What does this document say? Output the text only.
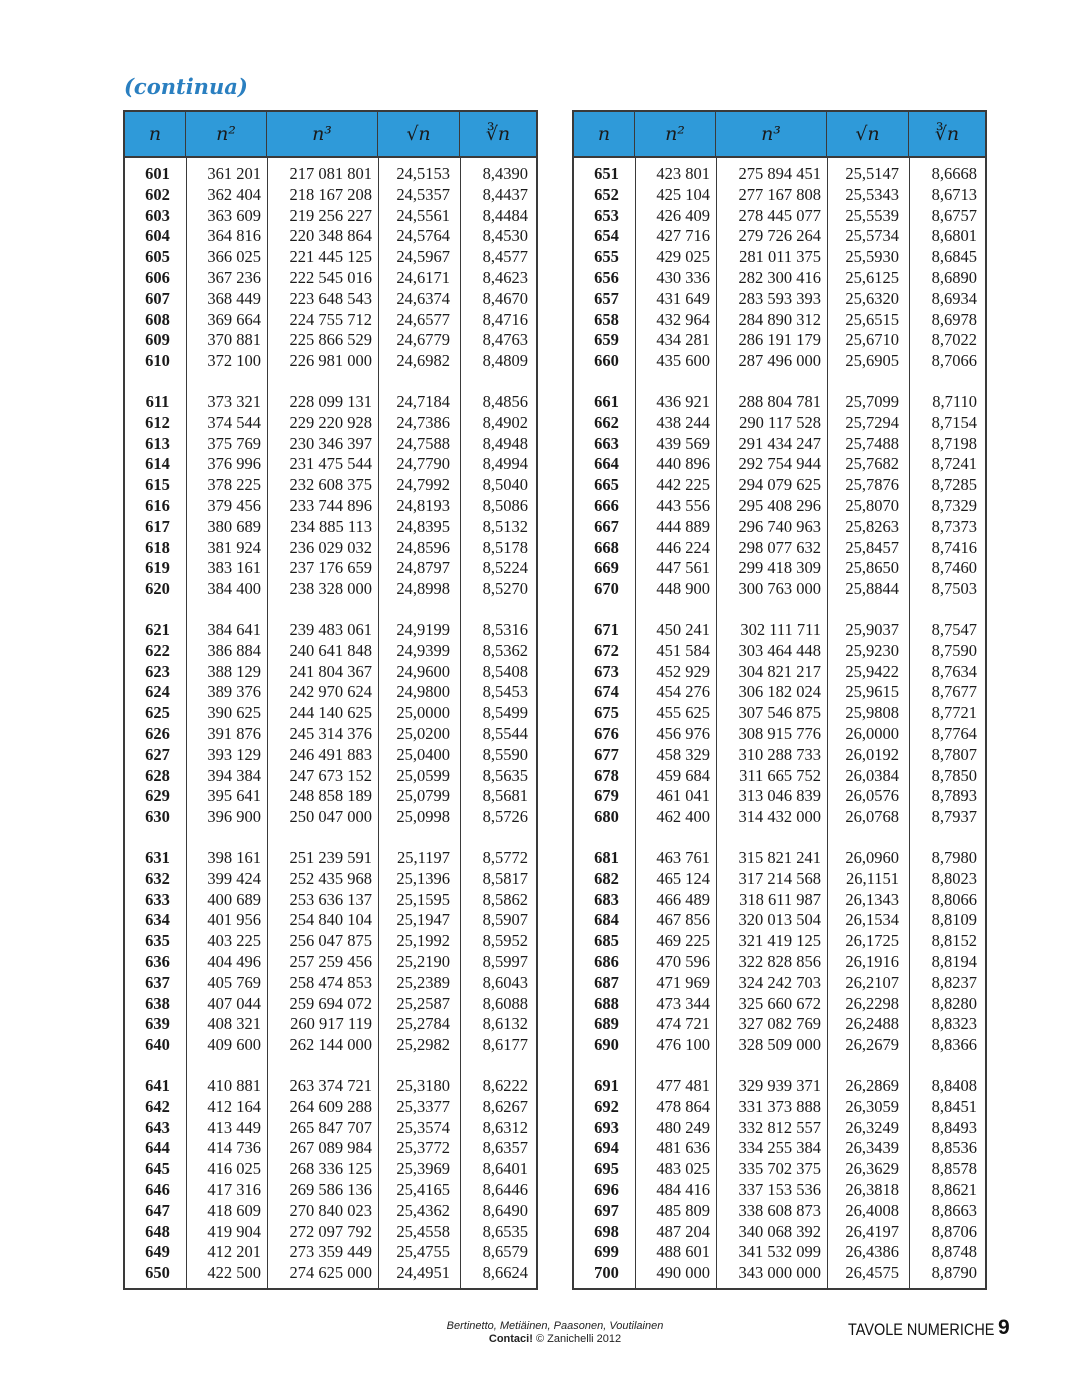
(continua)
n	n²	n³	√n	∛n
601	361 201	217 081 801	24,5153	8,4390
602	362 404	218 167 208	24,5357	8,4437
603	363 609	219 256 227	24,5561	8,4484
604	364 816	220 348 864	24,5764	8,4530
605	366 025	221 445 125	24,5967	8,4577
606	367 236	222 545 016	24,6171	8,4623
607	368 449	223 648 543	24,6374	8,4670
608	369 664	224 755 712	24,6577	8,4716
609	370 881	225 866 529	24,6779	8,4763
610	372 100	226 981 000	24,6982	8,4809
611	373 321	228 099 131	24,7184	8,4856
612	374 544	229 220 928	24,7386	8,4902
613	375 769	230 346 397	24,7588	8,4948
614	376 996	231 475 544	24,7790	8,4994
615	378 225	232 608 375	24,7992	8,5040
616	379 456	233 744 896	24,8193	8,5086
617	380 689	234 885 113	24,8395	8,5132
618	381 924	236 029 032	24,8596	8,5178
619	383 161	237 176 659	24,8797	8,5224
620	384 400	238 328 000	24,8998	8,5270
621	384 641	239 483 061	24,9199	8,5316
622	386 884	240 641 848	24,9399	8,5362
623	388 129	241 804 367	24,9600	8,5408
624	389 376	242 970 624	24,9800	8,5453
625	390 625	244 140 625	25,0000	8,5499
626	391 876	245 314 376	25,0200	8,5544
627	393 129	246 491 883	25,0400	8,5590
628	394 384	247 673 152	25,0599	8,5635
629	395 641	248 858 189	25,0799	8,5681
630	396 900	250 047 000	25,0998	8,5726
631	398 161	251 239 591	25,1197	8,5772
632	399 424	252 435 968	25,1396	8,5817
633	400 689	253 636 137	25,1595	8,5862
634	401 956	254 840 104	25,1947	8,5907
635	403 225	256 047 875	25,1992	8,5952
636	404 496	257 259 456	25,2190	8,5997
637	405 769	258 474 853	25,2389	8,6043
638	407 044	259 694 072	25,2587	8,6088
639	408 321	260 917 119	25,2784	8,6132
640	409 600	262 144 000	25,2982	8,6177
641	410 881	263 374 721	25,3180	8,6222
642	412 164	264 609 288	25,3377	8,6267
643	413 449	265 847 707	25,3574	8,6312
644	414 736	267 089 984	25,3772	8,6357
645	416 025	268 336 125	25,3969	8,6401
646	417 316	269 586 136	25,4165	8,6446
647	418 609	270 840 023	25,4362	8,6490
648	419 904	272 097 792	25,4558	8,6535
649	412 201	273 359 449	25,4755	8,6579
650	422 500	274 625 000	24,4951	8,6624
n	n²	n³	√n	∛n
651	423 801	275 894 451	25,5147	8,6668
652	425 104	277 167 808	25,5343	8,6713
653	426 409	278 445 077	25,5539	8,6757
654	427 716	279 726 264	25,5734	8,6801
655	429 025	281 011 375	25,5930	8,6845
656	430 336	282 300 416	25,6125	8,6890
657	431 649	283 593 393	25,6320	8,6934
658	432 964	284 890 312	25,6515	8,6978
659	434 281	286 191 179	25,6710	8,7022
660	435 600	287 496 000	25,6905	8,7066
661	436 921	288 804 781	25,7099	8,7110
662	438 244	290 117 528	25,7294	8,7154
663	439 569	291 434 247	25,7488	8,7198
664	440 896	292 754 944	25,7682	8,7241
665	442 225	294 079 625	25,7876	8,7285
666	443 556	295 408 296	25,8070	8,7329
667	444 889	296 740 963	25,8263	8,7373
668	446 224	298 077 632	25,8457	8,7416
669	447 561	299 418 309	25,8650	8,7460
670	448 900	300 763 000	25,8844	8,7503
671	450 241	302 111 711	25,9037	8,7547
672	451 584	303 464 448	25,9230	8,7590
673	452 929	304 821 217	25,9422	8,7634
674	454 276	306 182 024	25,9615	8,7677
675	455 625	307 546 875	25,9808	8,7721
676	456 976	308 915 776	26,0000	8,7764
677	458 329	310 288 733	26,0192	8,7807
678	459 684	311 665 752	26,0384	8,7850
679	461 041	313 046 839	26,0576	8,7893
680	462 400	314 432 000	26,0768	8,7937
681	463 761	315 821 241	26,0960	8,7980
682	465 124	317 214 568	26,1151	8,8023
683	466 489	318 611 987	26,1343	8,8066
684	467 856	320 013 504	26,1534	8,8109
685	469 225	321 419 125	26,1725	8,8152
686	470 596	322 828 856	26,1916	8,8194
687	471 969	324 242 703	26,2107	8,8237
688	473 344	325 660 672	26,2298	8,8280
689	474 721	327 082 769	26,2488	8,8323
690	476 100	328 509 000	26,2679	8,8366
691	477 481	329 939 371	26,2869	8,8408
692	478 864	331 373 888	26,3059	8,8451
693	480 249	332 812 557	26,3249	8,8493
694	481 636	334 255 384	26,3439	8,8536
695	483 025	335 702 375	26,3629	8,8578
696	484 416	337 153 536	26,3818	8,8621
697	485 809	338 608 873	26,4008	8,8663
698	487 204	340 068 392	26,4197	8,8706
699	488 601	341 532 099	26,4386	8,8748
700	490 000	343 000 000	26,4575	8,8790
Bertinetto, Metiäinen, Paasonen, Voutilainen
Contaci! © Zanichelli 2012	TAVOLE NUMERICHE 9
